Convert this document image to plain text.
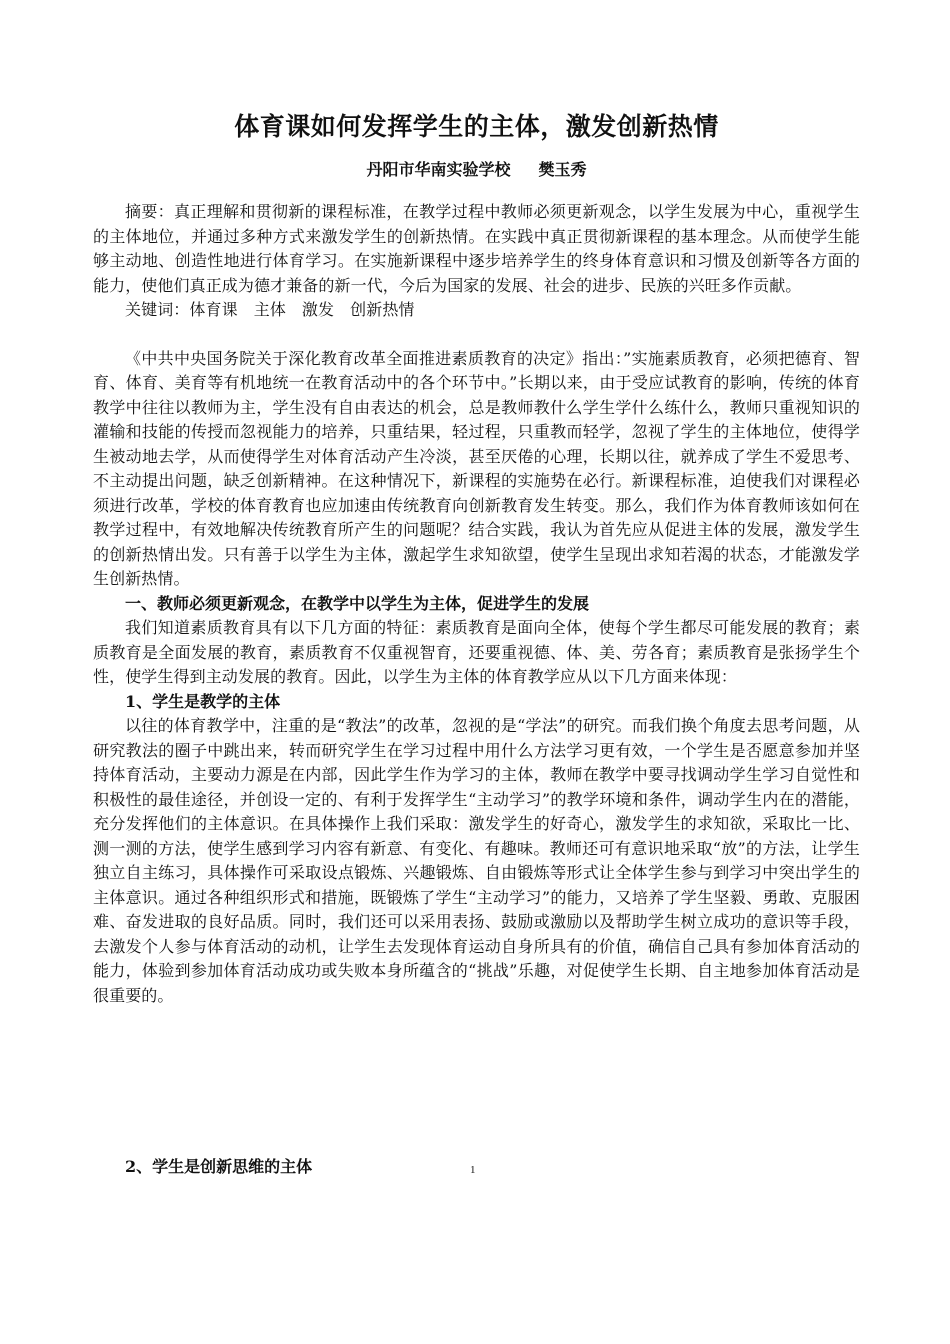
体育课如何发挥学生的主体，激发创新热情
丹阳市华南实验学校 樊玉秀

摘要：真正理解和贯彻新的课程标准，在教学过程中教师必须更新观念，以学生发展为中心，重视学生的主体地位，并通过多种方式来激发学生的创新热情。在实践中真正贯彻新课程的基本理念。从而使学生能够主动地、创造性地进行体育学习。在实施新课程中逐步培养学生的终身体育意识和习惯及创新等各方面的能力，使他们真正成为德才兼备的新一代，今后为国家的发展、社会的进步、民族的兴旺多作贡献。

关键词：体育课 主体 激发 创新热情

《中共中央国务院关于深化教育改革全面推进素质教育的决定》指出：”实施素质教育，必须把德育、智育、体育、美育等有机地统一在教育活动中的各个环节中。”长期以来，由于受应试教育的影响，传统的体育教学中往往以教师为主，学生没有自由表达的机会，总是教师教什么学生学什么练什么，教师只重视知识的灌输和技能的传授而忽视能力的培养，只重结果，轻过程，只重教而轻学，忽视了学生的主体地位，使得学生被动地去学，从而使得学生对体育活动产生冷淡，甚至厌倦的心理，长期以往，就养成了学生不爱思考、不主动提出问题，缺乏创新精神。在这种情况下，新课程的实施势在必行。新课程标准，迫使我们对课程必须进行改革，学校的体育教育也应加速由传统教育向创新教育发生转变。那么，我们作为体育教师该如何在教学过程中，有效地解决传统教育所产生的问题呢？结合实践，我认为首先应从促进主体的发展，激发学生的创新热情出发。只有善于以学生为主体，激起学生求知欲望，使学生呈现出求知若渴的状态，才能激发学生创新热情。

一、教师必须更新观念，在教学中以学生为主体，促进学生的发展

我们知道素质教育具有以下几方面的特征：素质教育是面向全体，使每个学生都尽可能发展的教育；素质教育是全面发展的教育，素质教育不仅重视智育，还要重视德、体、美、劳各育；素质教育是张扬学生个性，使学生得到主动发展的教育。因此，以学生为主体的体育教学应从以下几方面来体现：

1、学生是教学的主体

以往的体育教学中，注重的是“教法”的改革，忽视的是“学法”的研究。而我们换个角度去思考问题，从研究教法的圈子中跳出来，转而研究学生在学习过程中用什么方法学习更有效，一个学生是否愿意参加并坚持体育活动，主要动力源是在内部，因此学生作为学习的主体，教师在教学中要寻找调动学生学习自觉性和积极性的最佳途径，并创设一定的、有利于发挥学生“主动学习”的教学环境和条件，调动学生内在的潜能，充分发挥他们的主体意识。在具体操作上我们采取：激发学生的好奇心，激发学生的求知欲，采取比一比、测一测的方法，使学生感到学习内容有新意、有变化、有趣味。教师还可有意识地采取“放”的方法，让学生独立自主练习，具体操作可采取设点锻炼、兴趣锻炼、自由锻炼等形式让全体学生参与到学习中突出学生的主体意识。通过各种组织形式和措施，既锻炼了学生“主动学习”的能力，又培养了学生坚毅、勇敢、克服困难、奋发进取的良好品质。同时，我们还可以采用表扬、鼓励或激励以及帮助学生树立成功的意识等手段，去激发个人参与体育活动的动机，让学生去发现体育运动自身所具有的价值，确信自己具有参加体育活动的能力，体验到参加体育活动成功或失败本身所蕴含的“挑战”乐趣，对促使学生长期、自主地参加体育活动是很重要的。

2、学生是创新思维的主体	1
